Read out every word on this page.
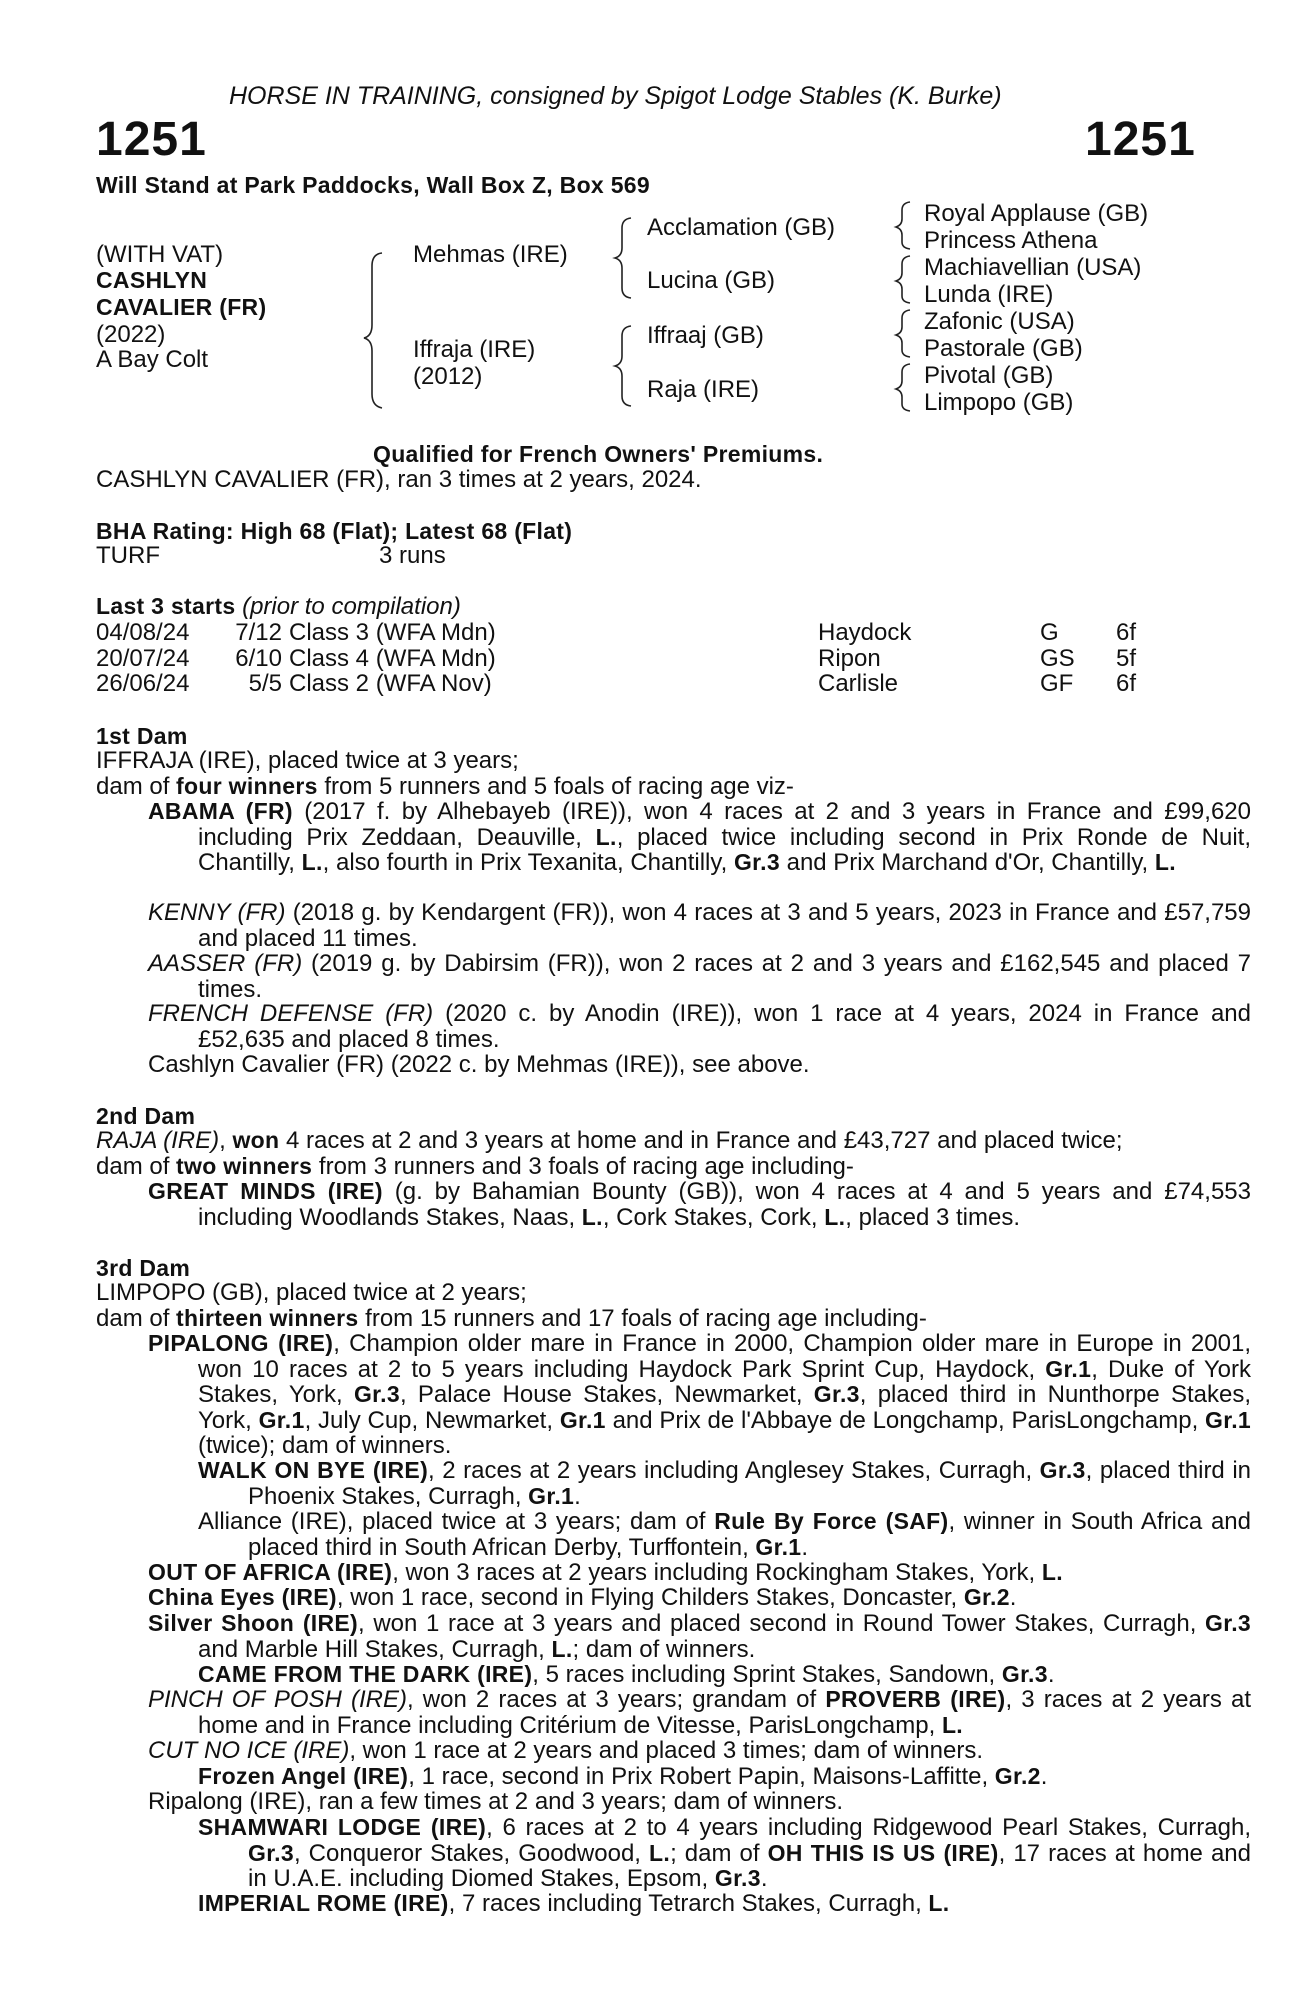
HORSE IN TRAINING, consigned by Spigot Lodge Stables (K. Burke)
1251	1251
Will Stand at Park Paddocks, Wall Box Z, Box 569
(WITH VAT)
CASHLYN
CAVALIER (FR)
(2022)
A Bay Colt
Mehmas (IRE)
Iffraja (IRE)
(2012)
Acclamation (GB)
Lucina (GB)
Iffraaj (GB)
Raja (IRE)
Royal Applause (GB)
Princess Athena
Machiavellian (USA)
Lunda (IRE)
Zafonic (USA)
Pastorale (GB)
Pivotal (GB)
Limpopo (GB)
Qualified for French Owners' Premiums.
CASHLYN CAVALIER (FR), ran 3 times at 2 years, 2024.
BHA Rating: High 68 (Flat); Latest 68 (Flat)
TURF	3 runs
Last 3 starts (prior to compilation)
04/08/24
20/07/24
26/06/24
7/12
6/10
5/5
Class 3 (WFA Mdn)
Class 4 (WFA Mdn)
Class 2 (WFA Nov)
Haydock
Ripon
Carlisle
G
GS
GF
6f
5f
6f
1st Dam
IFFRAJA (IRE), placed twice at 3 years;
dam of four winners from 5 runners and 5 foals of racing age viz-
ABAMA (FR) (2017 f. by Alhebayeb (IRE)), won 4 races at 2 and 3 years in France and £99,620 including Prix Zeddaan, Deauville, L., placed twice including second in Prix Ronde de Nuit, Chantilly, L., also fourth in Prix Texanita, Chantilly, Gr.3 and Prix Marchand d'Or, Chantilly, L.
KENNY (FR) (2018 g. by Kendargent (FR)), won 4 races at 3 and 5 years, 2023 in France and £57,759 and placed 11 times.
AASSER (FR) (2019 g. by Dabirsim (FR)), won 2 races at 2 and 3 years and £162,545 and placed 7 times.
FRENCH DEFENSE (FR) (2020 c. by Anodin (IRE)), won 1 race at 4 years, 2024 in France and £52,635 and placed 8 times.
Cashlyn Cavalier (FR) (2022 c. by Mehmas (IRE)), see above.
2nd Dam
RAJA (IRE), won 4 races at 2 and 3 years at home and in France and £43,727 and placed twice;
dam of two winners from 3 runners and 3 foals of racing age including-
GREAT MINDS (IRE) (g. by Bahamian Bounty (GB)), won 4 races at 4 and 5 years and £74,553 including Woodlands Stakes, Naas, L., Cork Stakes, Cork, L., placed 3 times.
3rd Dam
LIMPOPO (GB), placed twice at 2 years;
dam of thirteen winners from 15 runners and 17 foals of racing age including-
PIPALONG (IRE), Champion older mare in France in 2000, Champion older mare in Europe in 2001, won 10 races at 2 to 5 years including Haydock Park Sprint Cup, Haydock, Gr.1, Duke of York Stakes, York, Gr.3, Palace House Stakes, Newmarket, Gr.3, placed third in Nunthorpe Stakes, York, Gr.1, July Cup, Newmarket, Gr.1 and Prix de l'Abbaye de Longchamp, ParisLongchamp, Gr.1 (twice); dam of winners.
WALK ON BYE (IRE), 2 races at 2 years including Anglesey Stakes, Curragh, Gr.3, placed third in Phoenix Stakes, Curragh, Gr.1.
Alliance (IRE), placed twice at 3 years; dam of Rule By Force (SAF), winner in South Africa and placed third in South African Derby, Turffontein, Gr.1.
OUT OF AFRICA (IRE), won 3 races at 2 years including Rockingham Stakes, York, L.
China Eyes (IRE), won 1 race, second in Flying Childers Stakes, Doncaster, Gr.2.
Silver Shoon (IRE), won 1 race at 3 years and placed second in Round Tower Stakes, Curragh, Gr.3 and Marble Hill Stakes, Curragh, L.; dam of winners.
CAME FROM THE DARK (IRE), 5 races including Sprint Stakes, Sandown, Gr.3.
PINCH OF POSH (IRE), won 2 races at 3 years; grandam of PROVERB (IRE), 3 races at 2 years at home and in France including Critérium de Vitesse, ParisLongchamp, L.
CUT NO ICE (IRE), won 1 race at 2 years and placed 3 times; dam of winners.
Frozen Angel (IRE), 1 race, second in Prix Robert Papin, Maisons-Laffitte, Gr.2.
Ripalong (IRE), ran a few times at 2 and 3 years; dam of winners.
SHAMWARI LODGE (IRE), 6 races at 2 to 4 years including Ridgewood Pearl Stakes, Curragh, Gr.3, Conqueror Stakes, Goodwood, L.; dam of OH THIS IS US (IRE), 17 races at home and in U.A.E. including Diomed Stakes, Epsom, Gr.3.
IMPERIAL ROME (IRE), 7 races including Tetrarch Stakes, Curragh, L.
